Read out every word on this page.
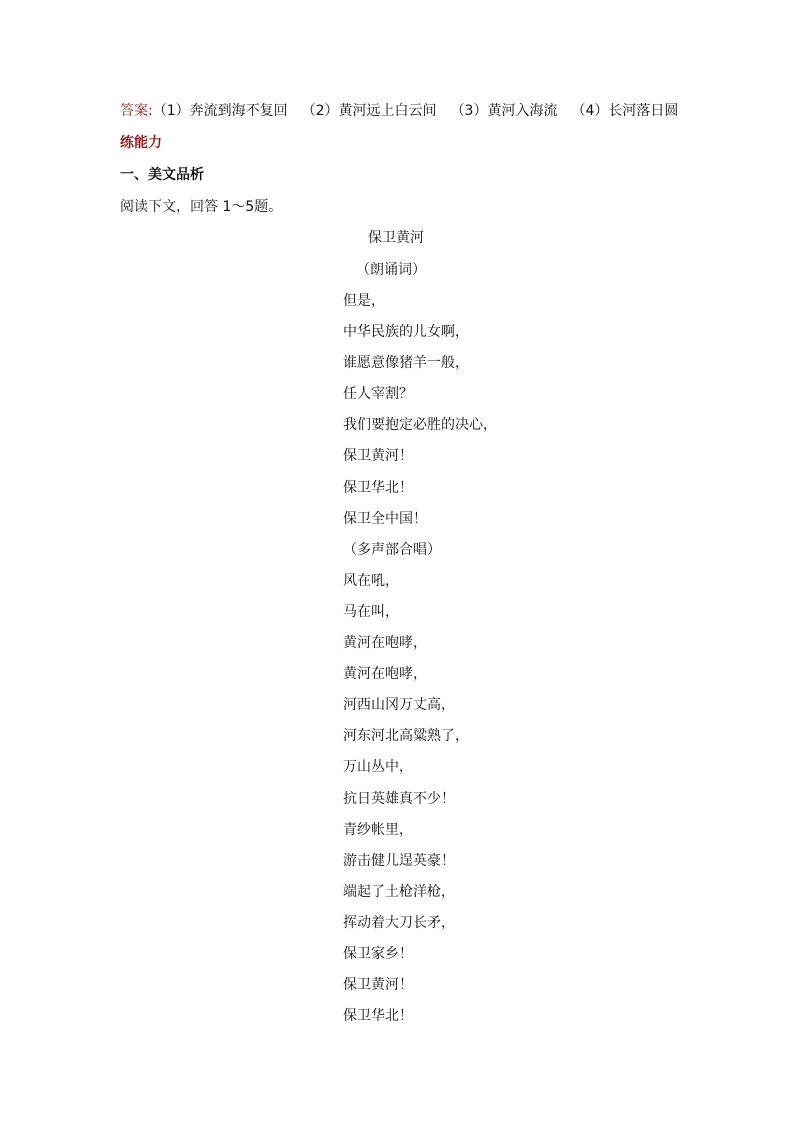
答案:（1）奔流到海不复回 （2）黄河远上白云间 （3）黄河入海流 （4）长河落日圆
练能力
一、美文品析
阅读下文，回答 1～5题。
保卫黄河
（朗诵词）
但是，
中华民族的儿女啊，
谁愿意像猪羊一般，
任人宰割？
我们要抱定必胜的决心，
保卫黄河！
保卫华北！
保卫全中国！
（多声部合唱）
风在吼，
马在叫，
黄河在咆哮，
黄河在咆哮，
河西山冈万丈高，
河东河北高粱熟了，
万山丛中，
抗日英雄真不少！
青纱帐里，
游击健儿逞英豪！
端起了土枪洋枪，
挥动着大刀长矛，
保卫家乡！
保卫黄河！
保卫华北！
